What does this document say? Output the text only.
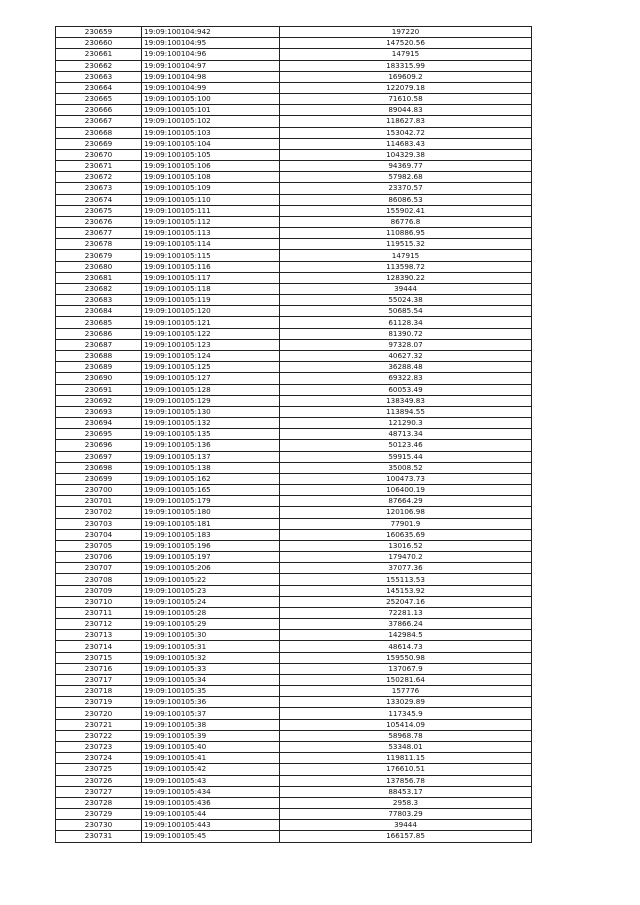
230659	19:09:100104:942	197220
230660	19:09:100104:95	147520.56
230661	19:09:100104:96	147915
230662	19:09:100104:97	183315.99
230663	19:09:100104:98	169609.2
230664	19:09:100104:99	122079.18
230665	19:09:100105:100	71610.58
230666	19:09:100105:101	89044.83
230667	19:09:100105:102	118627.83
230668	19:09:100105:103	153042.72
230669	19:09:100105:104	114683.43
230670	19:09:100105:105	104329.38
230671	19:09:100105:106	94369.77
230672	19:09:100105:108	57982.68
230673	19:09:100105:109	23370.57
230674	19:09:100105:110	86086.53
230675	19:09:100105:111	155902.41
230676	19:09:100105:112	86776.8
230677	19:09:100105:113	110886.95
230678	19:09:100105:114	119515.32
230679	19:09:100105:115	147915
230680	19:09:100105:116	113598.72
230681	19:09:100105:117	128390.22
230682	19:09:100105:118	39444
230683	19:09:100105:119	55024.38
230684	19:09:100105:120	50685.54
230685	19:09:100105:121	61128.34
230686	19:09:100105:122	81390.72
230687	19:09:100105:123	97328.07
230688	19:09:100105:124	40627.32
230689	19:09:100105:125	36288.48
230690	19:09:100105:127	69322.83
230691	19:09:100105:128	60053.49
230692	19:09:100105:129	138349.83
230693	19:09:100105:130	113894.55
230694	19:09:100105:132	121290.3
230695	19:09:100105:135	48713.34
230696	19:09:100105:136	50123.46
230697	19:09:100105:137	59915.44
230698	19:09:100105:138	35008.52
230699	19:09:100105:162	100473.73
230700	19:09:100105:165	106400.19
230701	19:09:100105:179	87664.29
230702	19:09:100105:180	120106.98
230703	19:09:100105:181	77901.9
230704	19:09:100105:183	160635.69
230705	19:09:100105:196	13016.52
230706	19:09:100105:197	179470.2
230707	19:09:100105:206	37077.36
230708	19:09:100105:22	155113.53
230709	19:09:100105:23	145153.92
230710	19:09:100105:24	252047.16
230711	19:09:100105:28	72281.13
230712	19:09:100105:29	37866.24
230713	19:09:100105:30	142984.5
230714	19:09:100105:31	48614.73
230715	19:09:100105:32	159550.98
230716	19:09:100105:33	137067.9
230717	19:09:100105:34	150281.64
230718	19:09:100105:35	157776
230719	19:09:100105:36	133029.89
230720	19:09:100105:37	117345.9
230721	19:09:100105:38	105414.09
230722	19:09:100105:39	58968.78
230723	19:09:100105:40	53348.01
230724	19:09:100105:41	119811.15
230725	19:09:100105:42	176610.51
230726	19:09:100105:43	137856.78
230727	19:09:100105:434	88453.17
230728	19:09:100105:436	2958.3
230729	19:09:100105:44	77803.29
230730	19:09:100105:443	39444
230731	19:09:100105:45	166157.85
